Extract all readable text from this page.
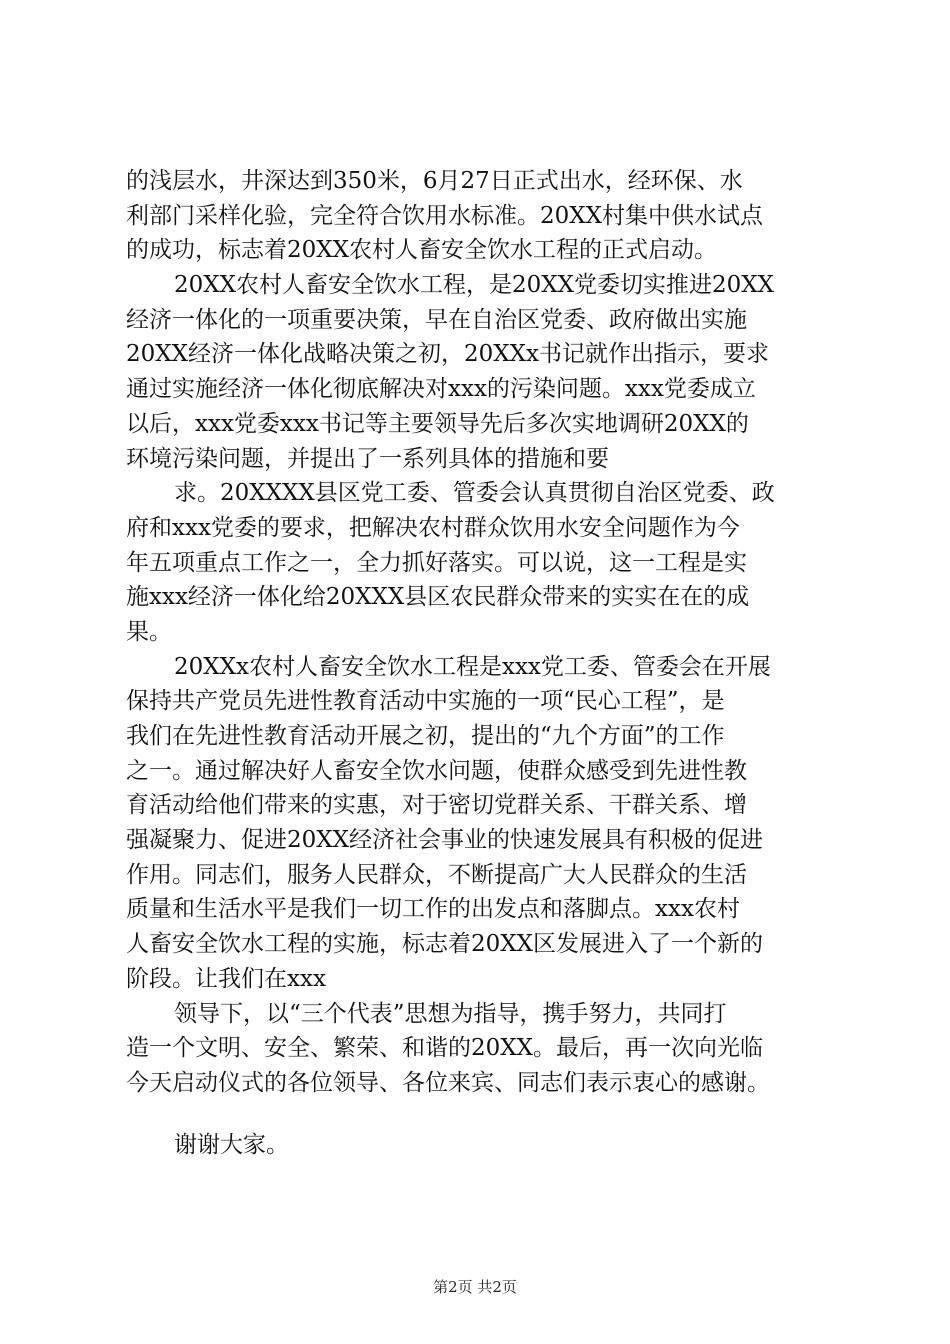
的浅层水，井深达到350米，6月27日正式出水，经环保、水
利部门采样化验，完全符合饮用水标准。20XX村集中供水试点
的成功，标志着20XX农村人畜安全饮水工程的正式启动。
20XX农村人畜安全饮水工程，是20XX党委切实推进20XX
经济一体化的一项重要决策，早在自治区党委、政府做出实施
20XX经济一体化战略决策之初，20XXx书记就作出指示，要求
通过实施经济一体化彻底解决对xxx的污染问题。xxx党委成立
以后，xxx党委xxx书记等主要领导先后多次实地调研20XX的
环境污染问题，并提出了一系列具体的措施和要
求。20XXXX县区党工委、管委会认真贯彻自治区党委、政
府和xxx党委的要求，把解决农村群众饮用水安全问题作为今
年五项重点工作之一，全力抓好落实。可以说，这一工程是实
施xxx经济一体化给20XXX县区农民群众带来的实实在在的成
果。
20XXx农村人畜安全饮水工程是xxx党工委、管委会在开展
保持共产党员先进性教育活动中实施的一项“民心工程”，是
我们在先进性教育活动开展之初，提出的“九个方面”的工作
之一。通过解决好人畜安全饮水问题，使群众感受到先进性教
育活动给他们带来的实惠，对于密切党群关系、干群关系、增
强凝聚力、促进20XX经济社会事业的快速发展具有积极的促进
作用。同志们，服务人民群众，不断提高广大人民群众的生活
质量和生活水平是我们一切工作的出发点和落脚点。xxx农村
人畜安全饮水工程的实施，标志着20XX区发展进入了一个新的
阶段。让我们在xxx
领导下，以“三个代表”思想为指导，携手努力，共同打
造一个文明、安全、繁荣、和谐的20XX。最后，再一次向光临
今天启动仪式的各位领导、各位来宾、同志们表示衷心的感谢。
谢谢大家。
第2页 共2页
